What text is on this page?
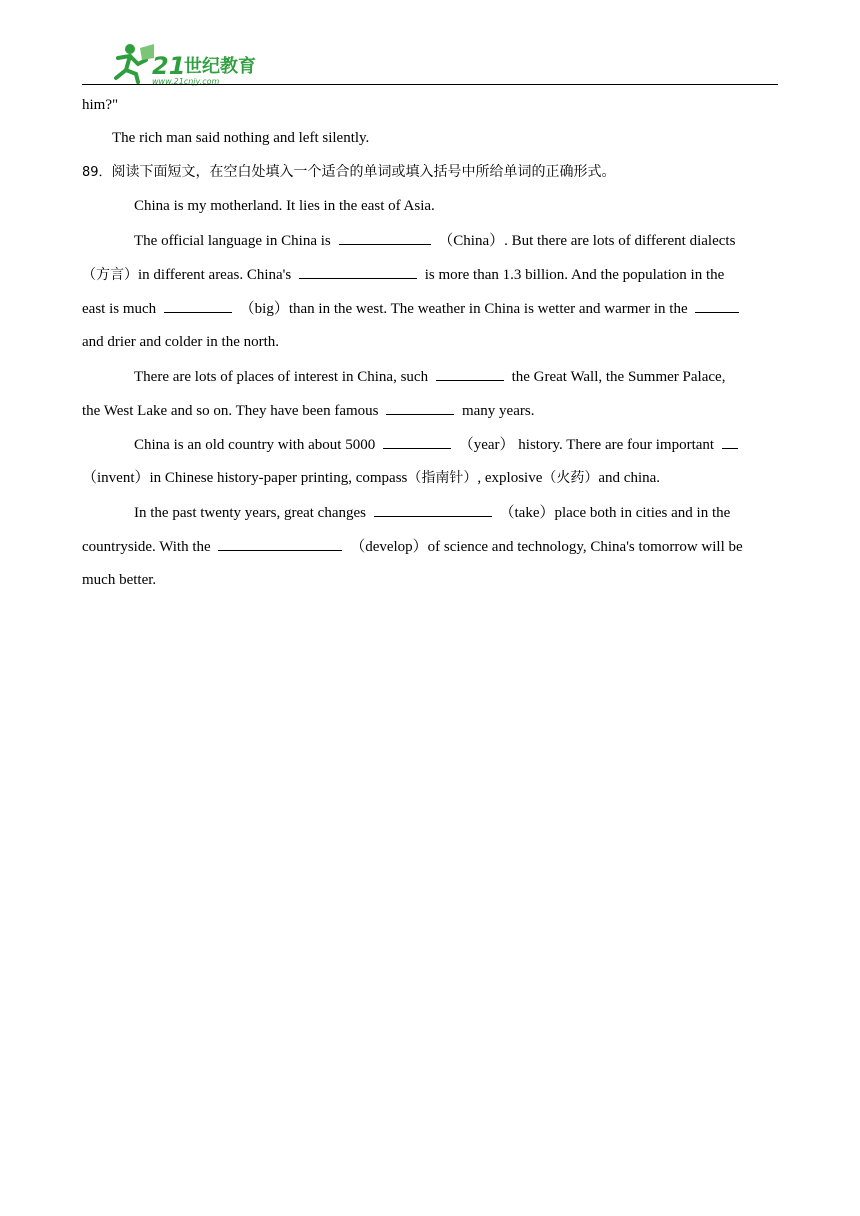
21
世纪教育
www.21cnjy.com
him?"
The rich man said nothing and left silently.
89．阅读下面短文，在空白处填入一个适合的单词或填入括号中所给单词的正确形式。
China is my motherland. It lies in the east of Asia.
The official language in China is	（China）. But there are lots of different dialects
（方言）in different areas. China's	is more than 1.3 billion. And the population in the
east is much	（big）than in the west. The weather in China is wetter and warmer in the
and drier and colder in the north.
There are lots of places of interest in China, such	the Great Wall, the Summer Palace,
the West Lake and so on. They have been famous	many years.
China is an old country with about 5000	（year） history. There are four important
（invent）in Chinese history-paper printing, compass（指南针）, explosive（火药）and china.
In the past twenty years, great changes	（take）place both in cities and in the
countryside. With the	（develop）of science and technology, China's tomorrow will be
much better.
